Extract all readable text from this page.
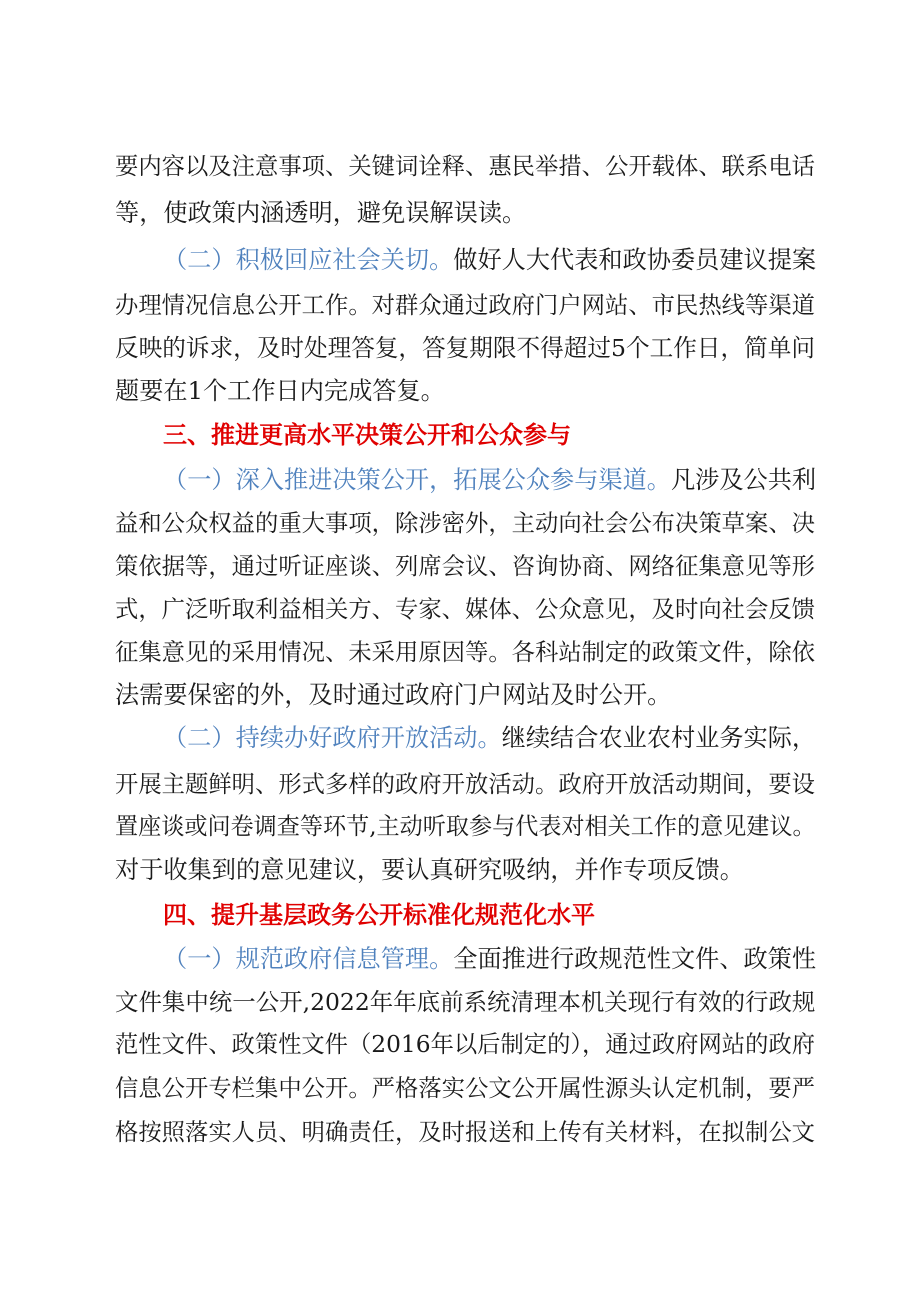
要内容以及注意事项、关键词诠释、惠民举措、公开载体、联系电话
等，使政策内涵透明，避免误解误读。
（二）积极回应社会关切。做好人大代表和政协委员建议提案
办理情况信息公开工作。对群众通过政府门户网站、市民热线等渠道
反映的诉求，及时处理答复，答复期限不得超过5个工作日，简单问
题要在1个工作日内完成答复。
三、推进更高水平决策公开和公众参与
（一）深入推进决策公开，拓展公众参与渠道。凡涉及公共利
益和公众权益的重大事项，除涉密外，主动向社会公布决策草案、决
策依据等，通过听证座谈、列席会议、咨询协商、网络征集意见等形
式，广泛听取利益相关方、专家、媒体、公众意见，及时向社会反馈
征集意见的采用情况、未采用原因等。各科站制定的政策文件，除依
法需要保密的外，及时通过政府门户网站及时公开。
（二）持续办好政府开放活动。继续结合农业农村业务实际，
开展主题鲜明、形式多样的政府开放活动。政府开放活动期间，要设
置座谈或问卷调查等环节,主动听取参与代表对相关工作的意见建议。
对于收集到的意见建议，要认真研究吸纳，并作专项反馈。
四、提升基层政务公开标准化规范化水平
（一）规范政府信息管理。全面推进行政规范性文件、政策性
文件集中统一公开,2022年年底前系统清理本机关现行有效的行政规
范性文件、政策性文件（2016年以后制定的），通过政府网站的政府
信息公开专栏集中公开。严格落实公文公开属性源头认定机制，要严
格按照落实人员、明确责任，及时报送和上传有关材料，在拟制公文
